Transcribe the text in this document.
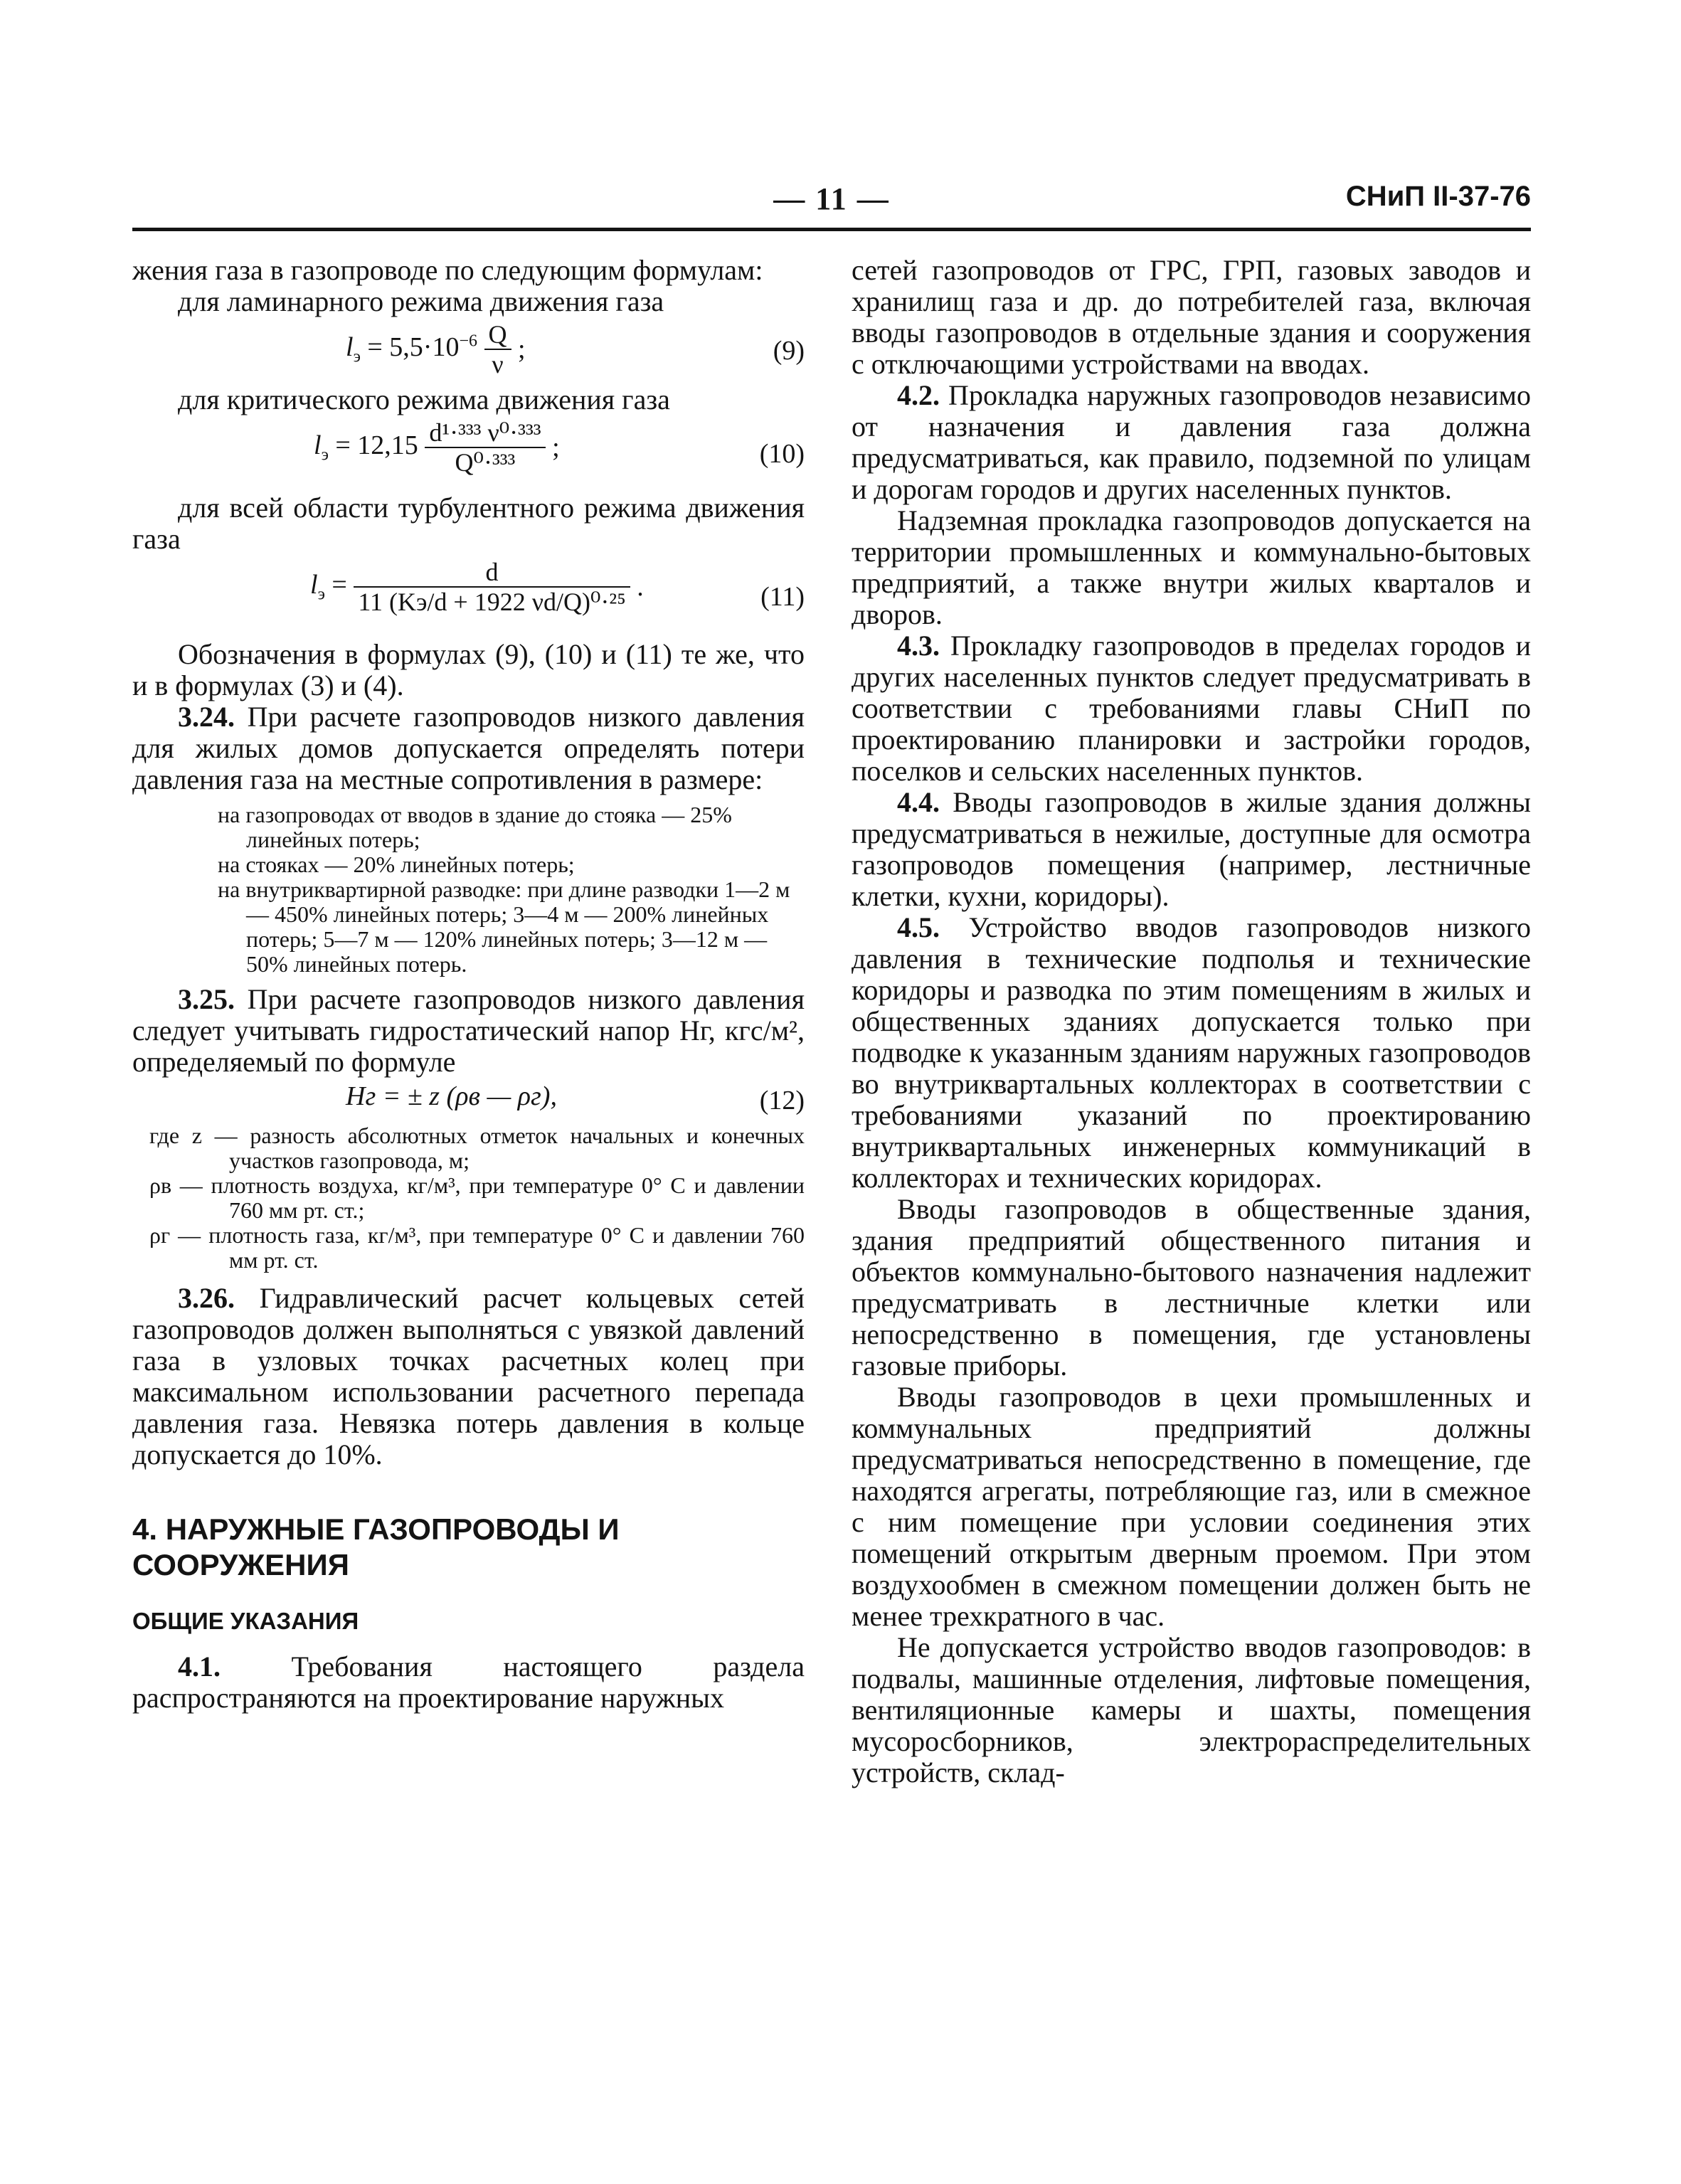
— 11 —	СНиП II-37-76

жения газа в газопроводе по следующим формулам:

для ламинарного режима движения газа

$l_э = 5,5\cdot 10^{-6} \frac{Q}{\nu}$ ;	(9)

для критического режима движения газа

$l_э = 12,15 \frac{\text{d¹·³³³ ν⁰·³³³}}{\text{Q⁰·³³³}}$ ;	(10)

для всей области турбулентного режима движения газа

$l_э = \frac{d}{\text{11 (Kэ/d + 1922 νd/Q)⁰·²⁵}}$ .	(11)

Обозначения в формулах (9), (10) и (11) те же, что и в формулах (3) и (4).

3.24. При расчете газопроводов низкого давления для жилых домов допускается определять потери давления газа на местные сопротивления в размере:

на газопроводах от вводов в здание до стояка — 25% линейных потерь;

на стояках — 20% линейных потерь;

на внутриквартирной разводке: при длине разводки 1—2 м — 450% линейных потерь; 3—4 м — 200% линейных потерь; 5—7 м — 120% линейных потерь; 3—12 м — 50% линейных потерь.

3.25. При расчете газопроводов низкого давления следует учитывать гидростатический напор Hг, кгс/м², определяемый по формуле

Hг = ± z (ρв — ρг),	(12)

где z — разность абсолютных отметок начальных и конечных участков газопровода, м;

ρв — плотность воздуха, кг/м³, при температуре 0° С и давлении 760 мм рт. ст.;

ρг — плотность газа, кг/м³, при температуре 0° С и давлении 760 мм рт. ст.

3.26. Гидравлический расчет кольцевых сетей газопроводов должен выполняться с увязкой давлений газа в узловых точках расчетных колец при максимальном использовании расчетного перепада давления газа. Невязка потерь давления в кольце допускается до 10%.

4. НАРУЖНЫЕ ГАЗОПРОВОДЫ И СООРУЖЕНИЯ

ОБЩИЕ УКАЗАНИЯ

4.1. Требования настоящего раздела распространяются на проектирование наружных

сетей газопроводов от ГРС, ГРП, газовых заводов и хранилищ газа и др. до потребителей газа, включая вводы газопроводов в отдельные здания и сооружения с отключающими устройствами на вводах.

4.2. Прокладка наружных газопроводов независимо от назначения и давления газа должна предусматриваться, как правило, подземной по улицам и дорогам городов и других населенных пунктов.

Надземная прокладка газопроводов допускается на территории промышленных и коммунально-бытовых предприятий, а также внутри жилых кварталов и дворов.

4.3. Прокладку газопроводов в пределах городов и других населенных пунктов следует предусматривать в соответствии с требованиями главы СНиП по проектированию планировки и застройки городов, поселков и сельских населенных пунктов.

4.4. Вводы газопроводов в жилые здания должны предусматриваться в нежилые, доступные для осмотра газопроводов помещения (например, лестничные клетки, кухни, коридоры).

4.5. Устройство вводов газопроводов низкого давления в технические подполья и технические коридоры и разводка по этим помещениям в жилых и общественных зданиях допускается только при подводке к указанным зданиям наружных газопроводов во внутриквартальных коллекторах в соответствии с требованиями указаний по проектированию внутриквартальных инженерных коммуникаций в коллекторах и технических коридорах.

Вводы газопроводов в общественные здания, здания предприятий общественного питания и объектов коммунально-бытового назначения надлежит предусматривать в лестничные клетки или непосредственно в помещения, где установлены газовые приборы.

Вводы газопроводов в цехи промышленных и коммунальных предприятий должны предусматриваться непосредственно в помещение, где находятся агрегаты, потребляющие газ, или в смежное с ним помещение при условии соединения этих помещений открытым дверным проемом. При этом воздухообмен в смежном помещении должен быть не менее трехкратного в час.

Не допускается устройство вводов газопроводов: в подвалы, машинные отделения, лифтовые помещения, вентиляционные камеры и шахты, помещения мусоросборников, электрораспределительных устройств, склад-
